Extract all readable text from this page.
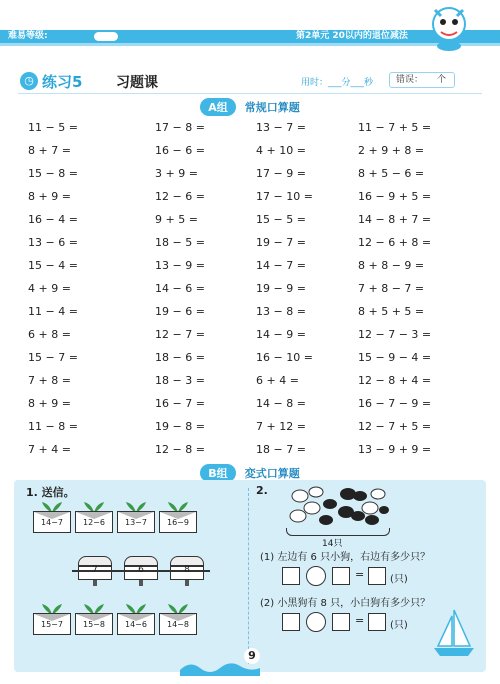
难易等级:	第2单元 20以内的退位减法
◷ 练习5 习题课	用时：___分___秒	错误： 个
A组 常规口算题
11 − 5 =	17 − 8 =	13 − 7 =	11 − 7 + 5 =
8 + 7 =	16 − 6 =	4 + 10 =	2 + 9 + 8 =
15 − 8 =	3 + 9 =	17 − 9 =	8 + 5 − 6 =
8 + 9 =	12 − 6 =	17 − 10 =	16 − 9 + 5 =
16 − 4 =	9 + 5 =	15 − 5 =	14 − 8 + 7 =
13 − 6 =	18 − 5 =	19 − 7 =	12 − 6 + 8 =
15 − 4 =	13 − 9 =	14 − 7 =	8 + 8 − 9 =
4 + 9 =	14 − 6 =	19 − 9 =	7 + 8 − 7 =
11 − 4 =	19 − 6 =	13 − 8 =	8 + 5 + 5 =
6 + 8 =	12 − 7 =	14 − 9 =	12 − 7 − 3 =
15 − 7 =	18 − 6 =	16 − 10 =	15 − 9 − 4 =
7 + 8 =	18 − 3 =	6 + 4 =	12 − 8 + 4 =
8 + 9 =	16 − 7 =	14 − 8 =	16 − 7 − 9 =
11 − 8 =	19 − 8 =	7 + 12 =	12 − 7 + 5 =
7 + 4 =	12 − 8 =	18 − 7 =	13 − 9 + 9 =
B组 変式口算题
1. 送信。	2.
14−7	12−6	13−7	16−9
7	6	8
15−7	15−8	14−6	14−8
14只
(1) 左边有 6 只小狗，右边有多少只？
=	(只)
(2) 小黑狗有 8 只，小白狗有多少只？
=	(只)
9
